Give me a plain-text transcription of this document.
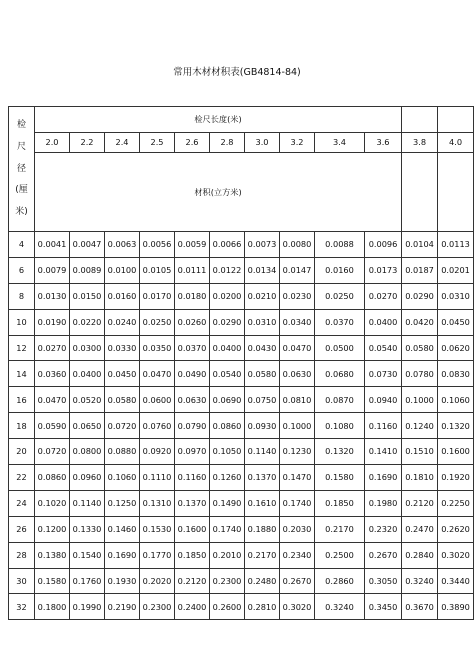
常用木材材积表(GB4814-84)
检
尺
径
(厘
米)	检尺长度(米)											
	2.0	2.2	2.4	2.5	2.6	2.8	3.0	3.2	3.4	3.6	3.8	4.0
	材积(立方米)											
4	0.0041	0.0047	0.0063	0.0056	0.0059	0.0066	0.0073	0.0080	0.0088	0.0096	0.0104	0.0113
6	0.0079	0.0089	0.0100	0.0105	0.0111	0.0122	0.0134	0.0147	0.0160	0.0173	0.0187	0.0201
8	0.0130	0.0150	0.0160	0.0170	0.0180	0.0200	0.0210	0.0230	0.0250	0.0270	0.0290	0.0310
10	0.0190	0.0220	0.0240	0.0250	0.0260	0.0290	0.0310	0.0340	0.0370	0.0400	0.0420	0.0450
12	0.0270	0.0300	0.0330	0.0350	0.0370	0.0400	0.0430	0.0470	0.0500	0.0540	0.0580	0.0620
14	0.0360	0.0400	0.0450	0.0470	0.0490	0.0540	0.0580	0.0630	0.0680	0.0730	0.0780	0.0830
16	0.0470	0.0520	0.0580	0.0600	0.0630	0.0690	0.0750	0.0810	0.0870	0.0940	0.1000	0.1060
18	0.0590	0.0650	0.0720	0.0760	0.0790	0.0860	0.0930	0.1000	0.1080	0.1160	0.1240	0.1320
20	0.0720	0.0800	0.0880	0.0920	0.0970	0.1050	0.1140	0.1230	0.1320	0.1410	0.1510	0.1600
22	0.0860	0.0960	0.1060	0.1110	0.1160	0.1260	0.1370	0.1470	0.1580	0.1690	0.1810	0.1920
24	0.1020	0.1140	0.1250	0.1310	0.1370	0.1490	0.1610	0.1740	0.1850	0.1980	0.2120	0.2250
26	0.1200	0.1330	0.1460	0.1530	0.1600	0.1740	0.1880	0.2030	0.2170	0.2320	0.2470	0.2620
28	0.1380	0.1540	0.1690	0.1770	0.1850	0.2010	0.2170	0.2340	0.2500	0.2670	0.2840	0.3020
30	0.1580	0.1760	0.1930	0.2020	0.2120	0.2300	0.2480	0.2670	0.2860	0.3050	0.3240	0.3440
32	0.1800	0.1990	0.2190	0.2300	0.2400	0.2600	0.2810	0.3020	0.3240	0.3450	0.3670	0.3890
